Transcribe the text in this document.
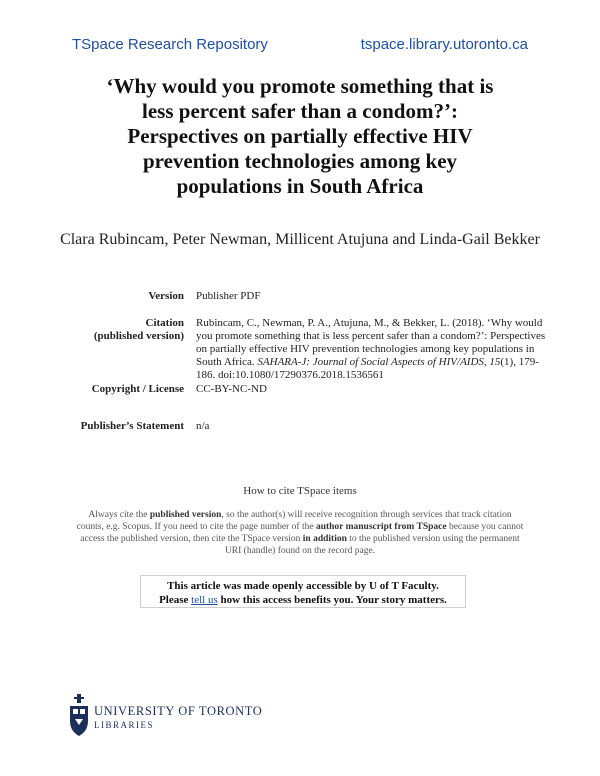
TSpace Research Repository	tspace.library.utoronto.ca
‘Why would you promote something that is
less percent safer than a condom?’:
Perspectives on partially effective HIV
prevention technologies among key
populations in South Africa
Clara Rubincam, Peter Newman, Millicent Atujuna and Linda-Gail Bekker
Version Publisher PDF
Citation
(published version)
Rubincam, C., Newman, P. A., Atujuna, M., & Bekker, L. (2018). ‘Why would you promote something that is less percent safer than a condom?’: Perspectives on partially effective HIV prevention technologies among key populations in South Africa. SAHARA-J: Journal of Social Aspects of HIV/AIDS, 15(1), 179-186. doi:10.1080/17290376.2018.1536561
Copyright / License CC-BY-NC-ND
Publisher’s Statement n/a
How to cite TSpace items
Always cite the published version, so the author(s) will receive recognition through services that track citation counts, e.g. Scopus. If you need to cite the page number of the author manuscript from TSpace because you cannot access the published version, then cite the TSpace version in addition to the published version using the permanent URI (handle) found on the record page.
This article was made openly accessible by U of T Faculty.
Please tell us how this access benefits you. Your story matters.
UNIVERSITY OF TORONTO
LIBRARIES
